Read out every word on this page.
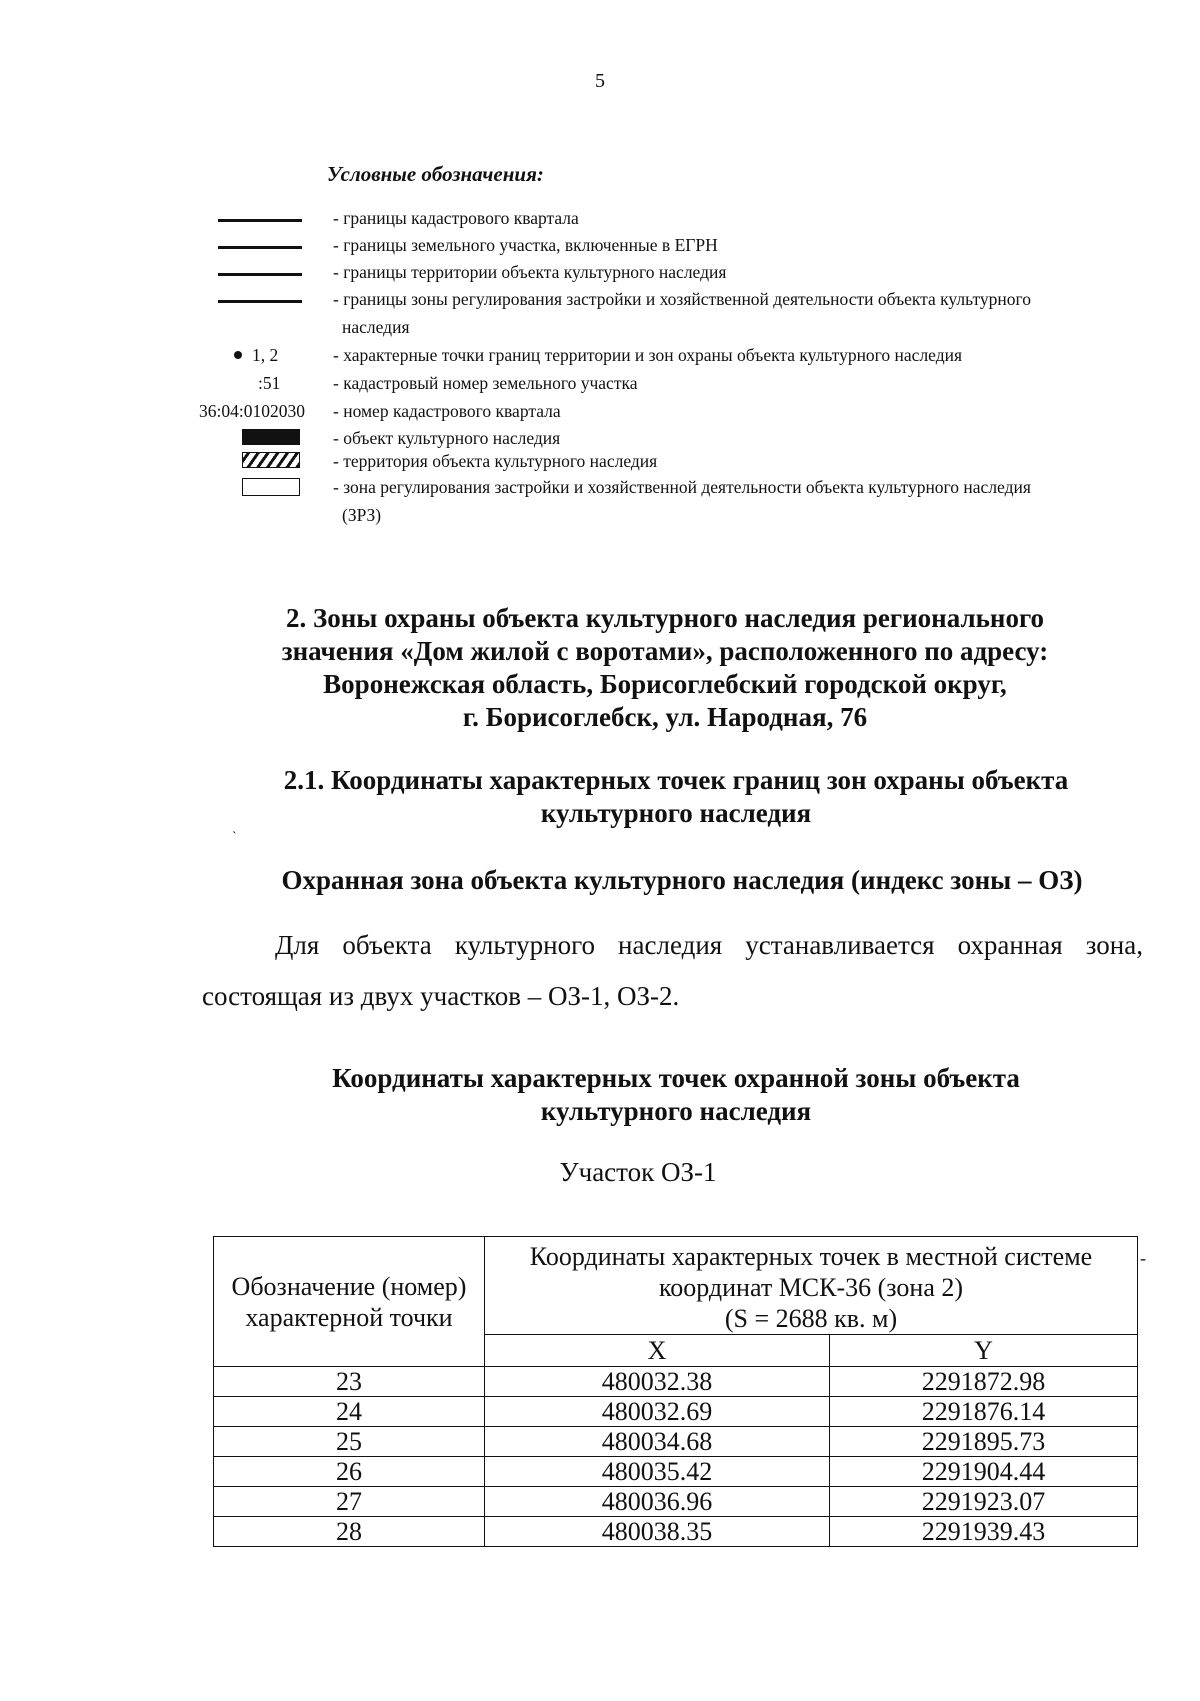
5
Условные обозначения:
1, 2
:51
36:04:0102030
- границы кадастрового квартала
- границы земельного участка, включенные в ЕГРН
- границы территории объекта культурного наследия
- границы зоны регулирования застройки и хозяйственной деятельности объекта культурного
наследия
- характерные точки границ территории и зон охраны объекта культурного наследия
- кадастровый номер земельного участка
- номер кадастрового квартала
- объект культурного наследия
- территория объекта культурного наследия
- зона регулирования застройки и хозяйственной деятельности объекта культурного наследия
(ЗРЗ)
2. Зоны охраны объекта культурного наследия регионального
значения «Дом жилой с воротами», расположенного по адресу:
Воронежская область, Борисоглебский городской округ,
г. Борисоглебск, ул. Народная, 76
2.1. Координаты характерных точек границ зон охраны объекта
культурного наследия
`
Охранная зона объекта культурного наследия (индекс зоны – ОЗ)
Для объекта культурного наследия устанавливается охранная зона,
состоящая из двух участков – ОЗ-1, ОЗ-2.
Координаты характерных точек охранной зоны объекта
культурного наследия
Участок ОЗ-1
Обозначение (номер) характерной точки	Координаты характерных точек в местной системе
координат МСК-36 (зона 2)
(S = 2688 кв. м)	

	X	Y
23	480032.38	2291872.98
24	480032.69	2291876.14
25	480034.68	2291895.73
26	480035.42	2291904.44
27	480036.96	2291923.07
28	480038.35	2291939.43
-
